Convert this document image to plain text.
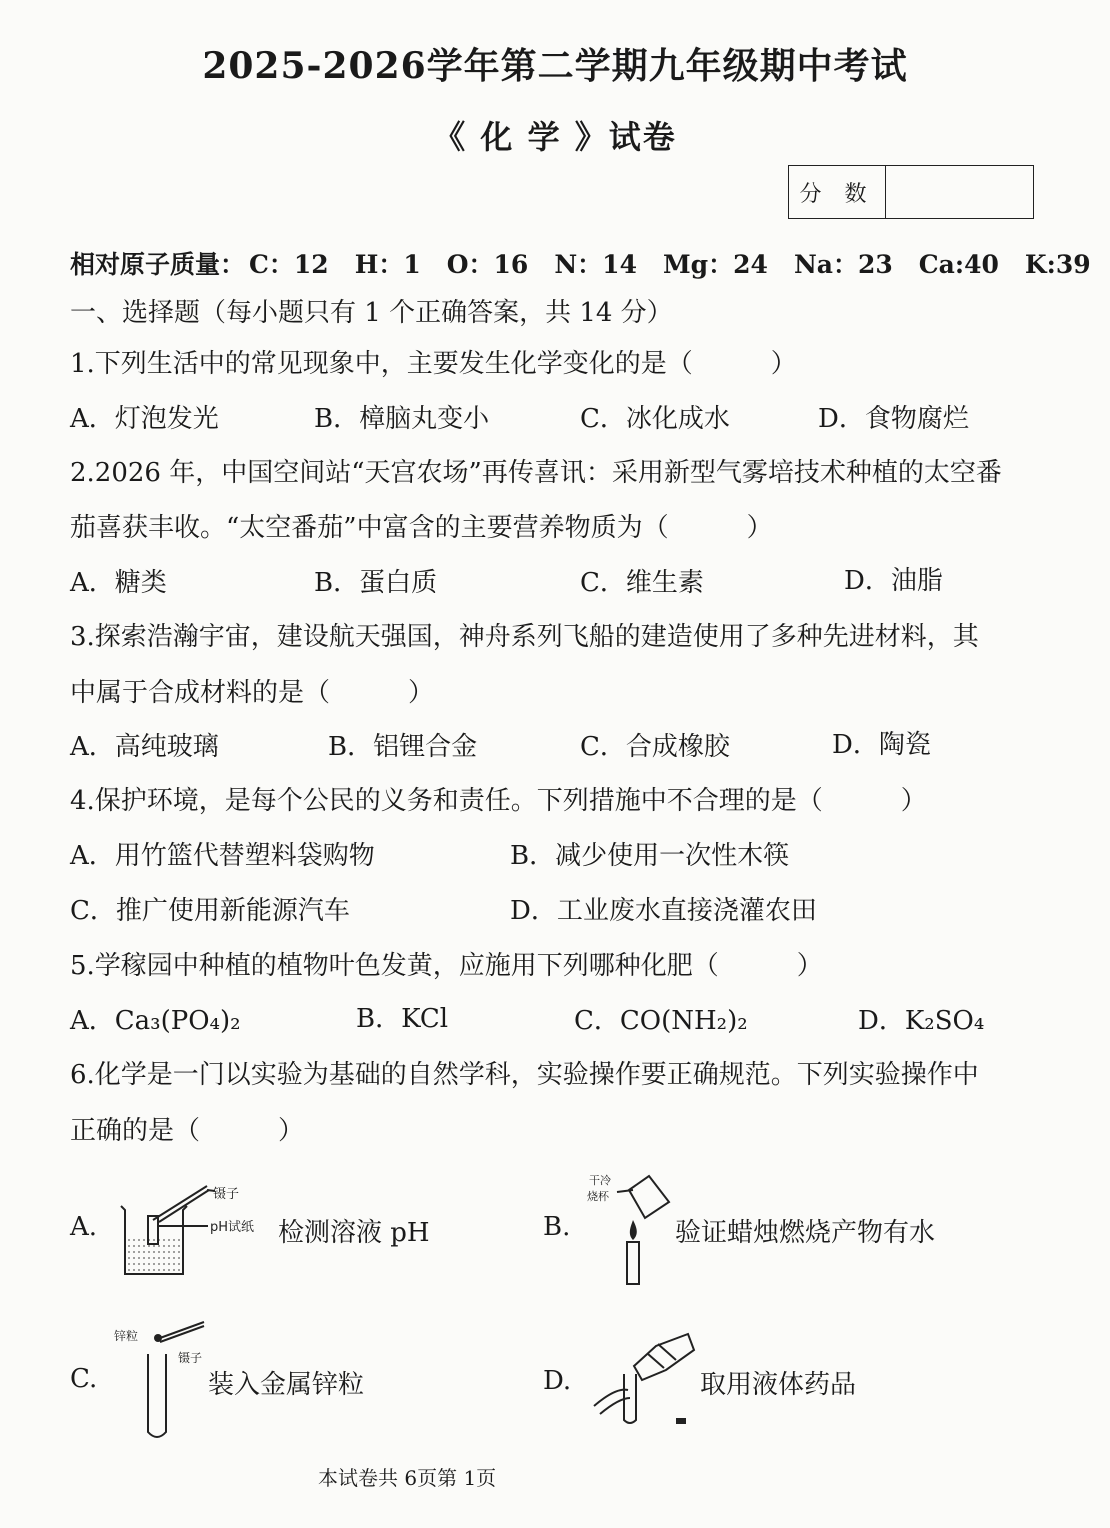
2025-2026学年第二学期九年级期中考试
《 化 学 》试卷
分 数
相对原子质量： C：12 H：1 O：16 N：14 Mg：24 Na：23 Ca:40 K:39
一、选择题（每小题只有 1 个正确答案，共 14 分）
1.下列生活中的常见现象中，主要发生化学变化的是（　　　）
A．灯泡发光	B．樟脑丸变小	C．冰化成水	D．食物腐烂
2.2026 年，中国空间站“天宫农场”再传喜讯：采用新型气雾培技术种植的太空番
茄喜获丰收。“太空番茄”中富含的主要营养物质为（　　　）
A．糖类	B．蛋白质	C．维生素	D．油脂
3.探索浩瀚宇宙，建设航天强国，神舟系列飞船的建造使用了多种先进材料，其
中属于合成材料的是（　　　）
A．高纯玻璃	B．铝锂合金	C．合成橡胶	D．陶瓷
4.保护环境，是每个公民的义务和责任。下列措施中不合理的是（　　　）
A．用竹篮代替塑料袋购物	B．减少使用一次性木筷
C．推广使用新能源汽车	D．工业废水直接浇灌农田
5.学稼园中种植的植物叶色发黄，应施用下列哪种化肥（　　　）
A．Ca₃(PO₄)₂	B．KCl	C．CO(NH₂)₂	D．K₂SO₄
6.化学是一门以实验为基础的自然学科，实验操作要正确规范。下列实验操作中
正确的是（　　　）
A.
镊子
pH试纸 检测溶液 pH	B.
干冷
烧杯
验证蜡烛燃烧产物有水
C.
锌粒
镊子
装入金属锌粒	D.	取用液体药品
本试卷共 6页第 1页
